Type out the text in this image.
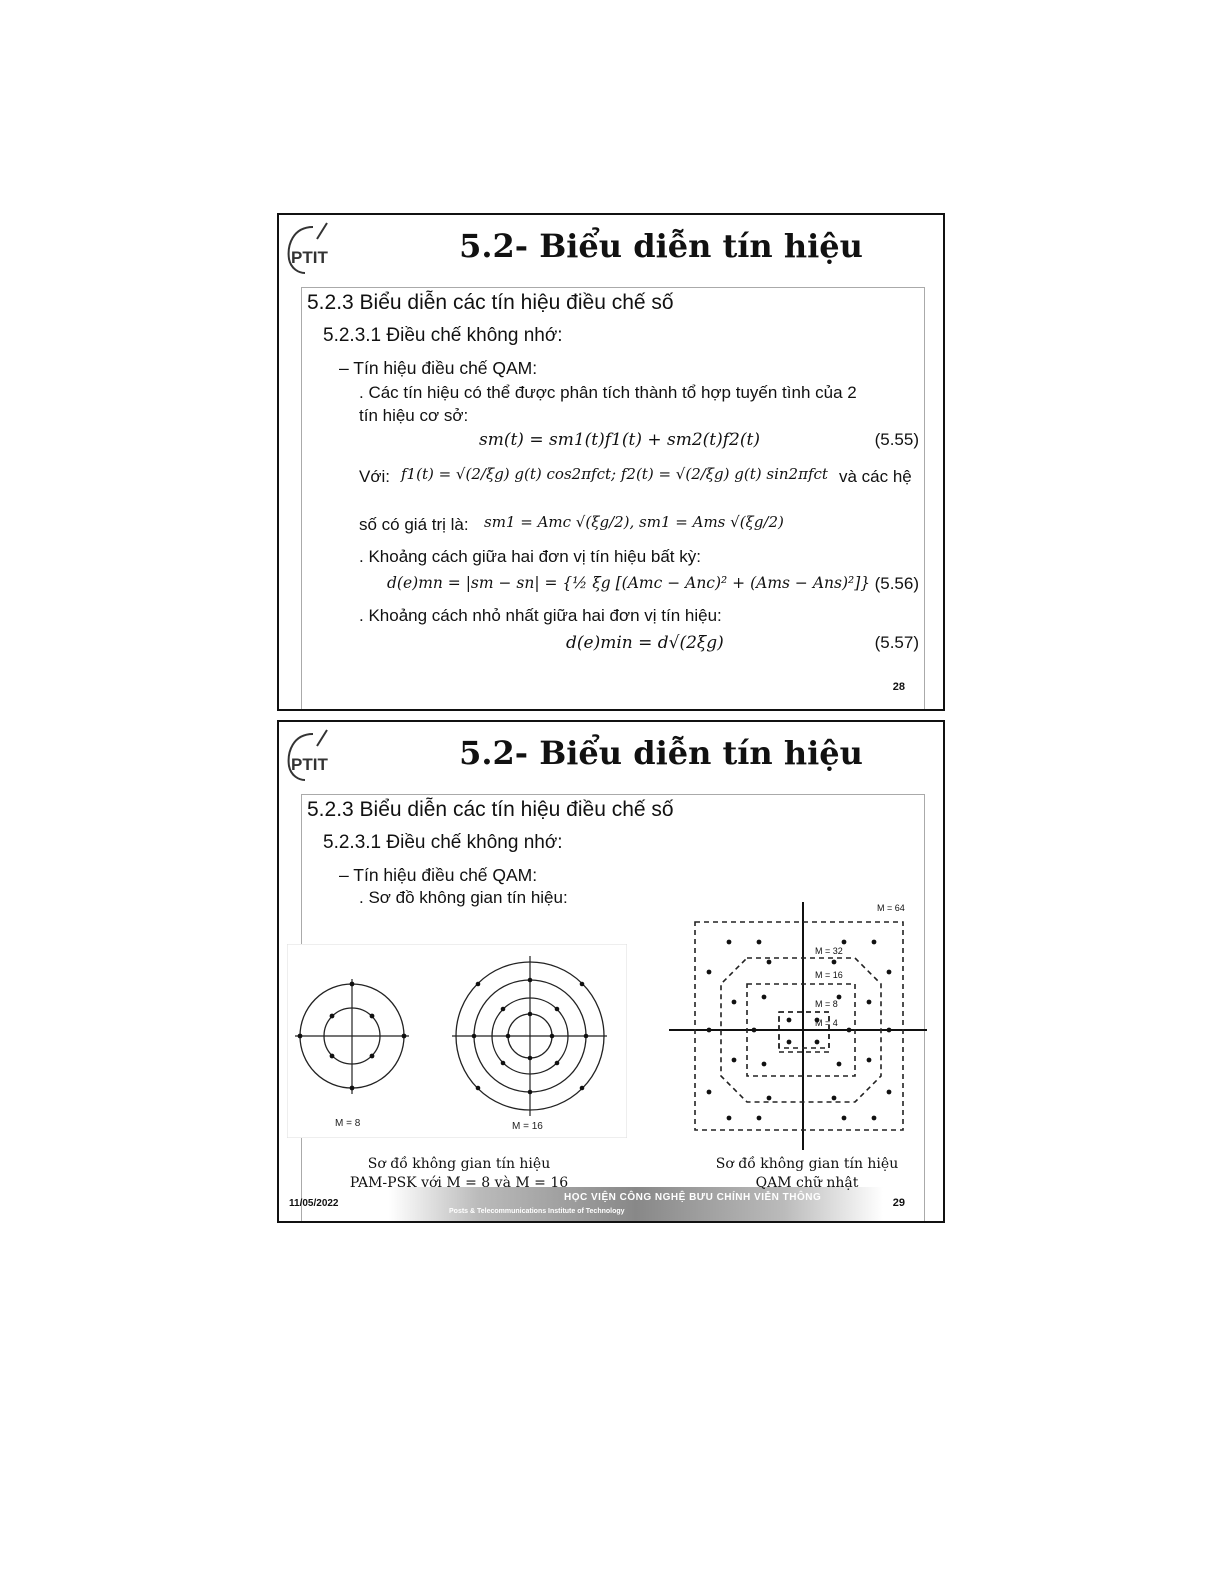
PTIT	5.2- Biểu diễn tín hiệu
5.2.3 Biểu diễn các tín hiệu điều chế số
5.2.3.1 Điều chế không nhớ:
– Tín hiệu điều chế QAM:
. Các tín hiệu có thể được phân tích thành tổ hợp tuyến tình của 2
tín hiệu cơ sở:
sm(t) = sm1(t)f1(t) + sm2(t)f2(t)	(5.55)
Với: f1(t) = √(2/ξg) g(t) cos2πfct; f2(t) = √(2/ξg) g(t) sin2πfct và các hệ
số có giá trị là: sm1 = Amc √(ξg/2), sm1 = Ams √(ξg/2)
. Khoảng cách giữa hai đơn vị tín hiệu bất kỳ:
d(e)mn = |sm − sn| = {½ ξg [(Amc − Anc)² + (Ams − Ans)²]} (5.56)
. Khoảng cách nhỏ nhất giữa hai đơn vị tín hiệu:
d(e)min = d√(2ξg)	(5.57)
28
PTIT	5.2- Biểu diễn tín hiệu
5.2.3 Biểu diễn các tín hiệu điều chế số
5.2.3.1 Điều chế không nhớ:
– Tín hiệu điều chế QAM:
. Sơ đồ không gian tín hiệu:
M = 8	M = 16
M = 64
M = 32
M = 16
M = 8
M = 4
HỌC VIỆN CÔNG NGHỆ BƯU CHÍNH VIỄN THÔNG
Posts & Telecommunications Institute of Technology
Sơ đồ không gian tín hiệu
PAM-PSK với M = 8 và M = 16
Sơ đồ không gian tín hiệu
QAM chữ nhật
11/05/2022	29
